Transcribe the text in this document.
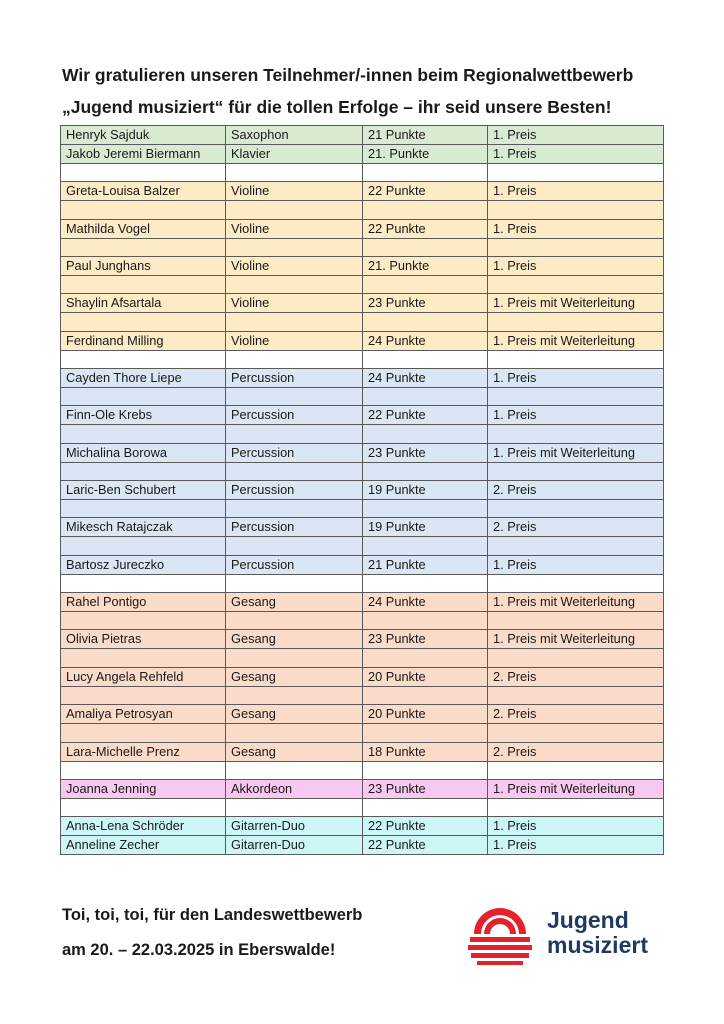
Wir gratulieren unseren Teilnehmer/-innen beim Regionalwettbewerb
„Jugend musiziert“ für die tollen Erfolge – ihr seid unsere Besten!
Henryk Sajduk	Saxophon	21 Punkte	1. Preis
Jakob Jeremi Biermann	Klavier	21. Punkte	1. Preis

Greta-Louisa Balzer	Violine	22 Punkte	1. Preis

Mathilda Vogel	Violine	22 Punkte	1. Preis

Paul Junghans	Violine	21. Punkte	1. Preis

Shaylin Afsartala	Violine	23 Punkte	1. Preis mit Weiterleitung

Ferdinand Milling	Violine	24 Punkte	1. Preis mit Weiterleitung

Cayden Thore Liepe	Percussion	24 Punkte	1. Preis

Finn-Ole Krebs	Percussion	22 Punkte	1. Preis

Michalina Borowa	Percussion	23 Punkte	1. Preis mit Weiterleitung

Laric-Ben Schubert	Percussion	19 Punkte	2. Preis

Mikesch Ratajczak	Percussion	19 Punkte	2. Preis

Bartosz Jureczko	Percussion	21 Punkte	1. Preis

Rahel Pontigo	Gesang	24 Punkte	1. Preis mit Weiterleitung

Olivia Pietras	Gesang	23 Punkte	1. Preis mit Weiterleitung

Lucy Angela Rehfeld	Gesang	20 Punkte	2. Preis

Amaliya Petrosyan	Gesang	20 Punkte	2. Preis

Lara-Michelle Prenz	Gesang	18 Punkte	2. Preis

Joanna Jenning	Akkordeon	23 Punkte	1. Preis mit Weiterleitung

Anna-Lena Schröder	Gitarren-Duo	22 Punkte	1. Preis
Anneline Zecher	Gitarren-Duo	22 Punkte	1. Preis
Toi, toi, toi, für den Landeswettbewerb
am 20. – 22.03.2025 in Eberswalde!
Jugend
musiziert
